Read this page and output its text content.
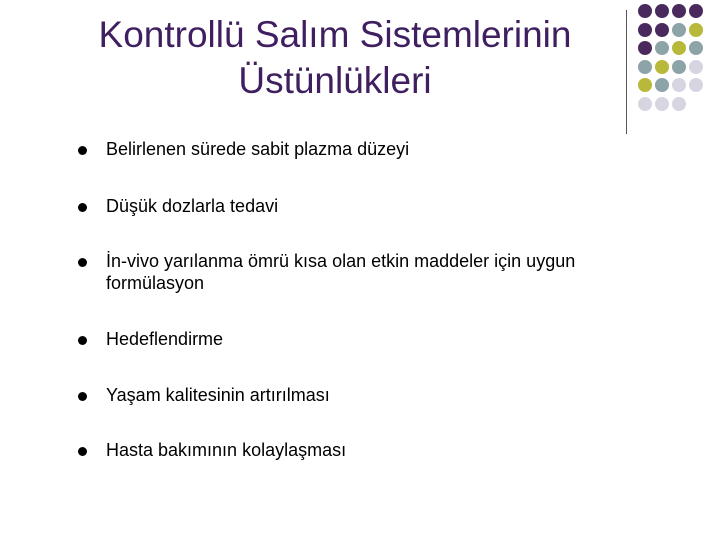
Kontrollü Salım Sistemlerinin
Üstünlükleri
Belirlenen sürede sabit plazma düzeyi
Düşük dozlarla tedavi
İn-vivo yarılanma ömrü kısa olan etkin maddeler için uygun formülasyon
Hedeflendirme
Yaşam kalitesinin artırılması
Hasta bakımının kolaylaşması
